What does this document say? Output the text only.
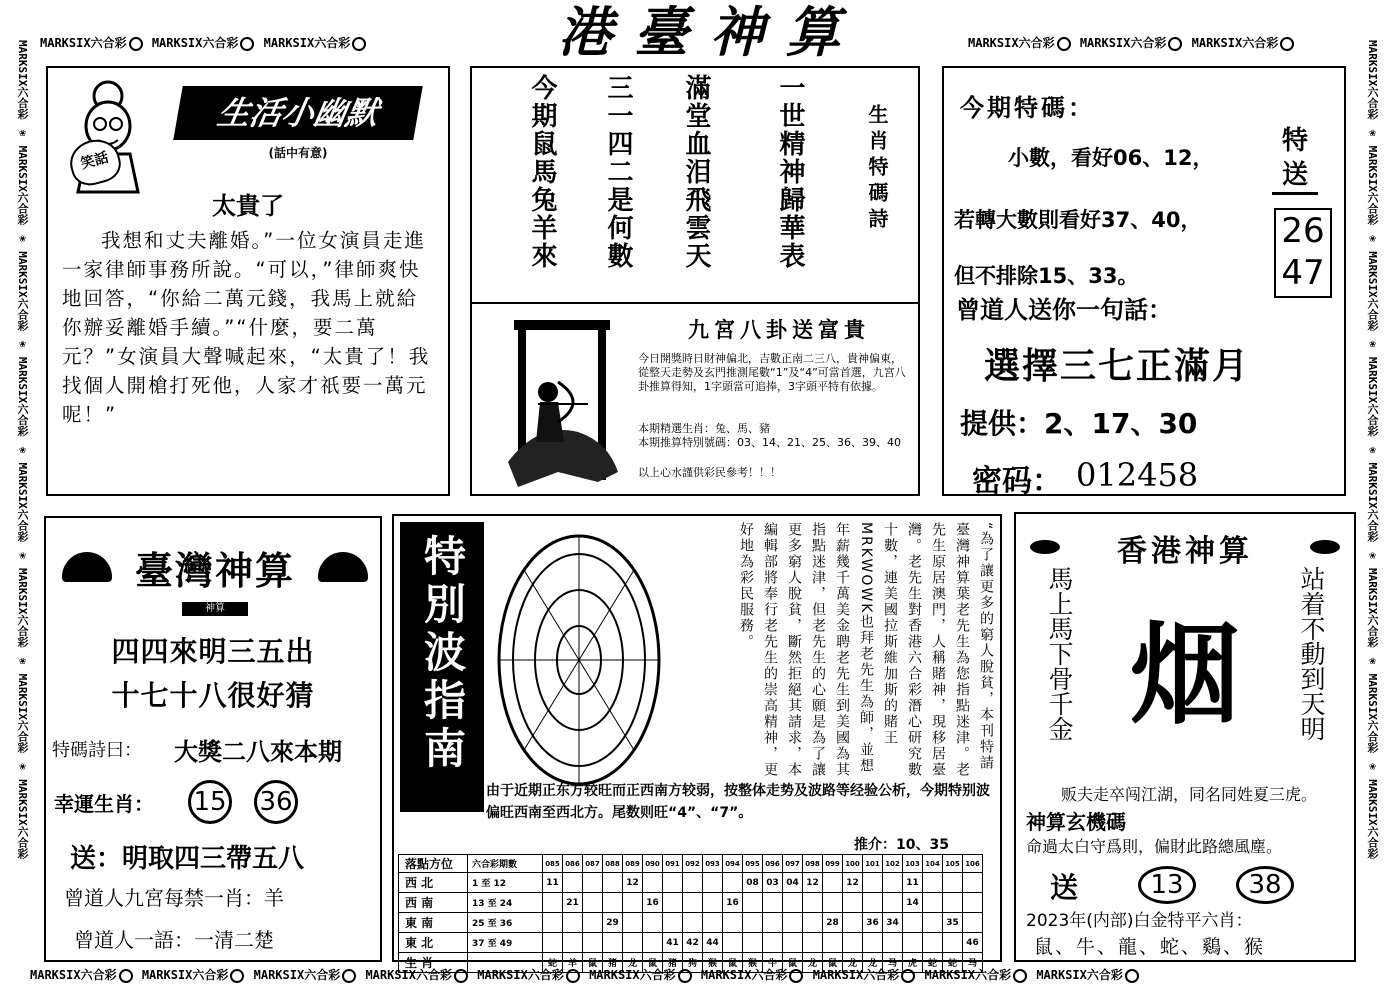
MARKSIX六合彩 MARKSIX六合彩 MARKSIX六合彩	MARKSIX六合彩 MARKSIX六合彩 MARKSIX六合彩
MARKSIX六合彩 MARKSIX六合彩 MARKSIX六合彩 MARKSIX六合彩 MARKSIX六合彩 MARKSIX六合彩 MARKSIX六合彩 MARKSIX六合彩 MARKSIX六合彩 MARKSIX六合彩
MARKSIX六合彩 ❀ MARKSIX六合彩 ❀ MARKSIX六合彩 ❀ MARKSIX六合彩 ❀ MARKSIX六合彩 ❀ MARKSIX六合彩 ❀ MARKSIX六合彩 ❀ MARKSIX六合彩
MARKSIX六合彩 ❀ MARKSIX六合彩 ❀ MARKSIX六合彩 ❀ MARKSIX六合彩 ❀ MARKSIX六合彩 ❀ MARKSIX六合彩 ❀ MARKSIX六合彩 ❀ MARKSIX六合彩
港臺神算
笑話
生活小幽默
(話中有意)
太貴了
我想和丈夫離婚。”一位女演員走進一家律師事務所說。“可以，”律師爽快地回答，“你給二萬元錢，我馬上就給你辦妥離婚手續。”“什麼，要二萬元？”女演員大聲喊起來，“太貴了！我找個人開槍打死他，人家才祇要一萬元呢！”
一世精神歸華表
滿堂血泪飛雲天
三一四二是何數
今期鼠馬兔羊來	生肖特碼詩
九宮八卦送富貴
今日開獎時日財神偏北，吉數正南二三八，貴神偏東，從整天走勢及玄門推測尾數“1”及“4”可當首選，九宮八卦推算得知，1字頭當可追捧，3字頭平特有依據。
本期精選生肖：兔、馬、豬
本期推算特別號碼：03、14、21、25、36、39、40
以上心水謹供彩民參考！！！
今期特碼：
小數，看好06、12，
若轉大數則看好37、40，
但不排除15、33。
特送
26
47
曾道人送你一句話：
選擇三七正滿月
提供：2、17、30
密码： 012458
臺灣神算
神算
四四來明三五出
十七十八很好猜
特碼詩曰： 大獎二八來本期
幸運生肖： 15 36
送：明取四三帶五八
曾道人九宮每禁一肖：羊
曾道人一語：一清二楚
特別波指南	“為了讓更多的窮人脫貧，本刊特請臺灣神算葉老先生為您指點迷津。老先生原居澳門，人稱賭神，現移居臺灣。老先生對香港六合彩潛心研究數十數，連美國拉斯維加斯的賭王MRKWOWK也拜老先生為師，並想年薪幾千萬美金聘老先生到美國為其指點迷津，但老先生的心願是為了讓更多窮人脫貧，斷然拒絕其請求，本編輯部將奉行老先生的崇高精神，更好地為彩民服務。
由于近期正东方较旺而正西南方较弱，按整体走势及波路等经验公析，今期特别波偏旺西南至西北方。尾数则旺“4”、“7”。
推介：10、35
落點方位	六合彩期數	085	086	087	088	089	090	091	092	093	094	095	096	097	098	099	100	101	102	103	104	105	106
西 北	1 至 12	11				12						08	03	04	12		12			11			
西 南	13 至 24		21				16				16									14			
東 南	25 至 36				29											28		36	34			35	
東 北	37 至 49							41	42	44													46
生 肖		蛇	羊	鼠	猪	龙	鼠	猪	狗	猴	鼠	猴	牛	鼠	龙	鼠	龙	龙	马	虎	蛇	蛇	马
香港神算
馬上馬下骨千金	站着不動到天明
烟
贩夫走卒闯江湖，同名同姓夏三虎。
神算玄機碼
命過太白守爲則，偏財此路總風塵。
送	13	38
2023年(内部)白金特平六肖：
鼠、牛、龍、蛇、鷄、猴
